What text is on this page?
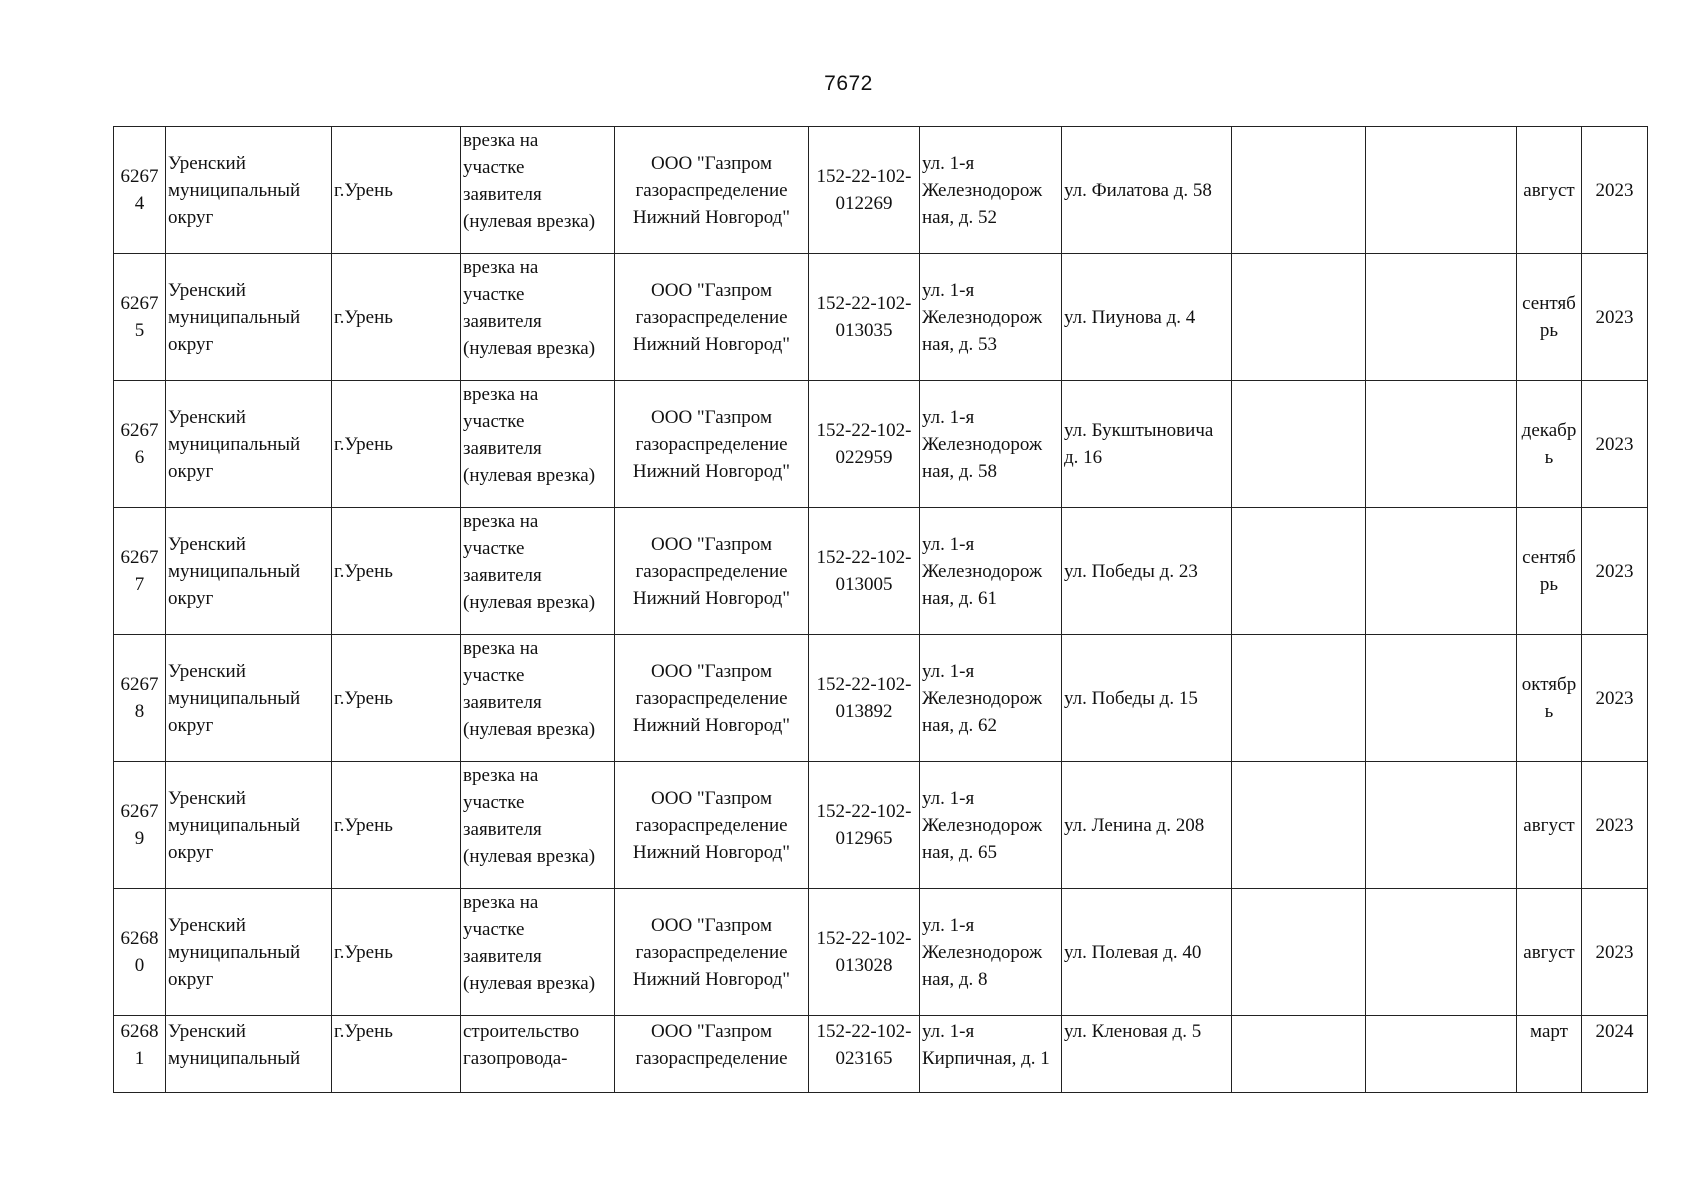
7672
62674	Уренский
муниципальный
округ	г.Урень	врезка на
участке
заявителя
(нулевая врезка)	ООО "Газпром
газораспределение
Нижний Новгород"	152-22-102-
012269	ул. 1-я
Железнодорож
ная, д. 52	ул. Филатова д. 58			август	2023
62675	Уренский
муниципальный
округ	г.Урень	врезка на
участке
заявителя
(нулевая врезка)	ООО "Газпром
газораспределение
Нижний Новгород"	152-22-102-
013035	ул. 1-я
Железнодорож
ная, д. 53	ул. Пиунова д. 4			сентяб
рь	2023
62676	Уренский
муниципальный
округ	г.Урень	врезка на
участке
заявителя
(нулевая врезка)	ООО "Газпром
газораспределение
Нижний Новгород"	152-22-102-
022959	ул. 1-я
Железнодорож
ная, д. 58	ул. Букштыновича
д. 16			декабр
ь	2023
62677	Уренский
муниципальный
округ	г.Урень	врезка на
участке
заявителя
(нулевая врезка)	ООО "Газпром
газораспределение
Нижний Новгород"	152-22-102-
013005	ул. 1-я
Железнодорож
ная, д. 61	ул. Победы д. 23			сентяб
рь	2023
62678	Уренский
муниципальный
округ	г.Урень	врезка на
участке
заявителя
(нулевая врезка)	ООО "Газпром
газораспределение
Нижний Новгород"	152-22-102-
013892	ул. 1-я
Железнодорож
ная, д. 62	ул. Победы д. 15			октябр
ь	2023
62679	Уренский
муниципальный
округ	г.Урень	врезка на
участке
заявителя
(нулевая врезка)	ООО "Газпром
газораспределение
Нижний Новгород"	152-22-102-
012965	ул. 1-я
Железнодорож
ная, д. 65	ул. Ленина д. 208			август	2023
62680	Уренский
муниципальный
округ	г.Урень	врезка на
участке
заявителя
(нулевая врезка)	ООО "Газпром
газораспределение
Нижний Новгород"	152-22-102-
013028	ул. 1-я
Железнодорож
ная, д. 8	ул. Полевая д. 40			август	2023
62681	Уренский
муниципальный	г.Урень	строительство
газопровода-	ООО "Газпром
газораспределение	152-22-102-
023165	ул. 1-я
Кирпичная, д. 1	ул. Кленовая д. 5			март	2024
